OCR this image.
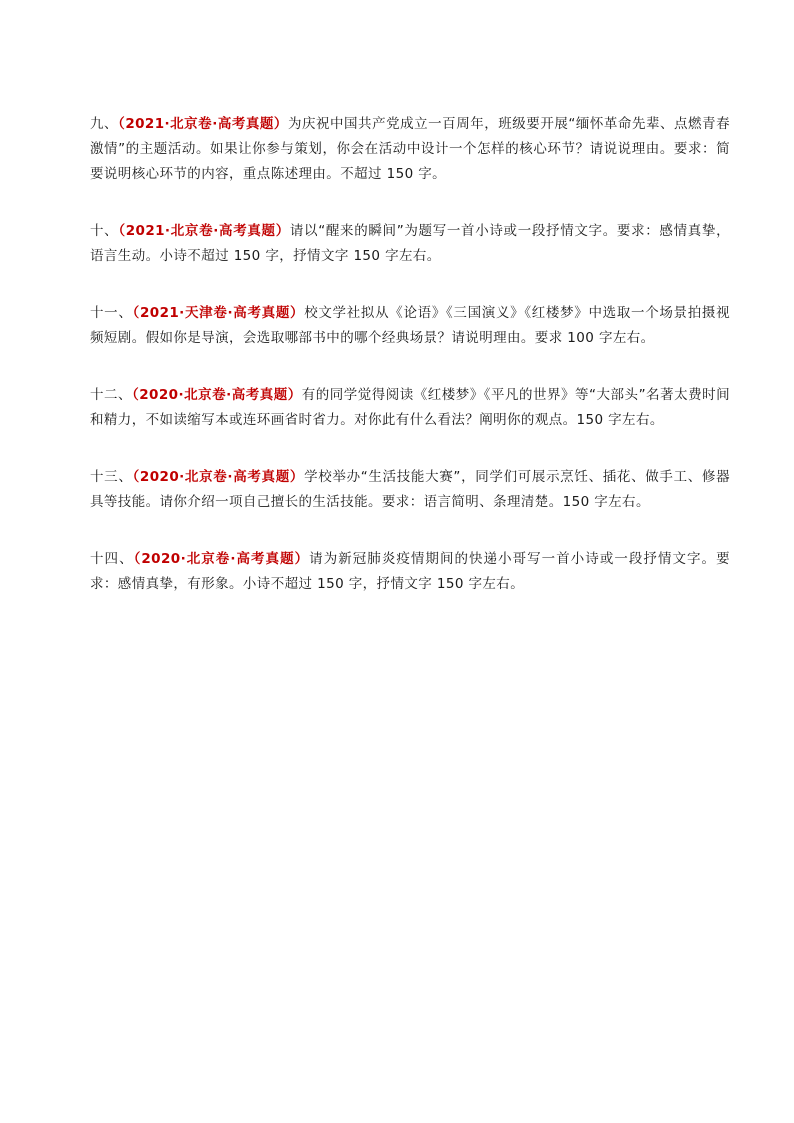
九、（2021·北京卷·高考真题）为庆祝中国共产党成立一百周年，班级要开展“缅怀革命先辈、点燃青春激情”的主题活动。如果让你参与策划，你会在活动中设计一个怎样的核心环节？请说说理由。要求：简要说明核心环节的内容，重点陈述理由。不超过 150 字。

十、（2021·北京卷·高考真题）请以“醒来的瞬间”为题写一首小诗或一段抒情文字。要求：感情真挚，语言生动。小诗不超过 150 字，抒情文字 150 字左右。

十一、（2021·天津卷·高考真题）校文学社拟从《论语》《三国演义》《红楼梦》中选取一个场景拍摄视频短剧。假如你是导演，会选取哪部书中的哪个经典场景？请说明理由。要求 100 字左右。

十二、（2020·北京卷·高考真题）有的同学觉得阅读《红楼梦》《平凡的世界》等“大部头”名著太费时间和精力，不如读缩写本或连环画省时省力。对你此有什么看法？阐明你的观点。150 字左右。

十三、（2020·北京卷·高考真题）学校举办“生活技能大赛”，同学们可展示烹饪、插花、做手工、修器具等技能。请你介绍一项自己擅长的生活技能。要求：语言简明、条理清楚。150 字左右。

十四、（2020·北京卷·高考真题）请为新冠肺炎疫情期间的快递小哥写一首小诗或一段抒情文字。要求：感情真挚，有形象。小诗不超过 150 字，抒情文字 150 字左右。
